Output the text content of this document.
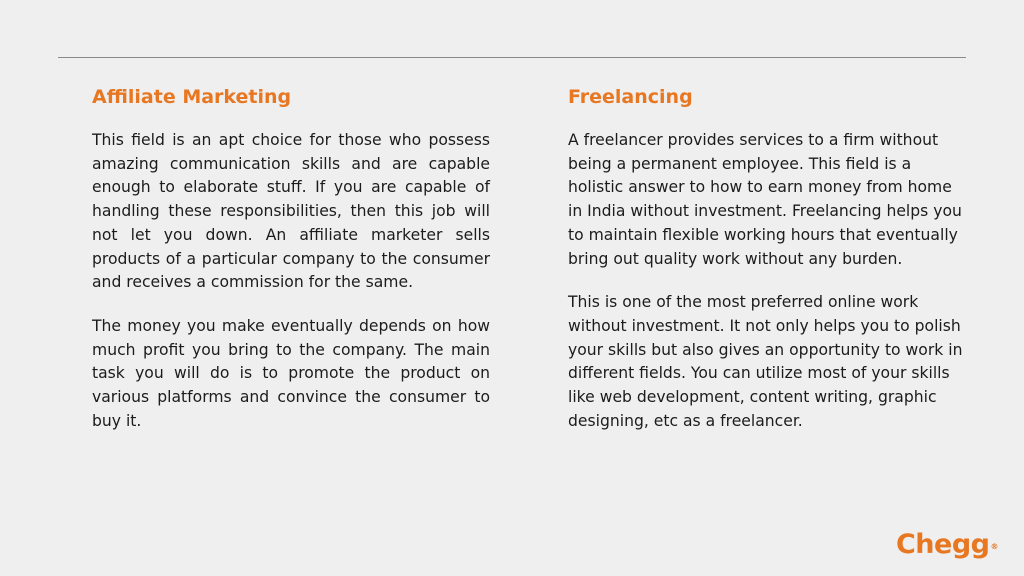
Affiliate Marketing

This field is an apt choice for those who possess amazing communication skills and are capable enough to elaborate stuff. If you are capable of handling these responsibilities, then this job will not let you down. An affiliate marketer sells products of a particular company to the consumer and receives a commission for the same.

The money you make eventually depends on how much profit you bring to the company. The main task you will do is to promote the product on various platforms and convince the consumer to buy it.

Freelancing

A freelancer provides services to a firm without being a permanent employee. This field is a holistic answer to how to earn money from home in India without investment. Freelancing helps you to maintain flexible working hours that eventually bring out quality work without any burden.

This is one of the most preferred online work without investment. It not only helps you to polish your skills but also gives an opportunity to work in different fields. You can utilize most of your skills like web development, content writing, graphic designing, etc as a freelancer.

Chegg®
